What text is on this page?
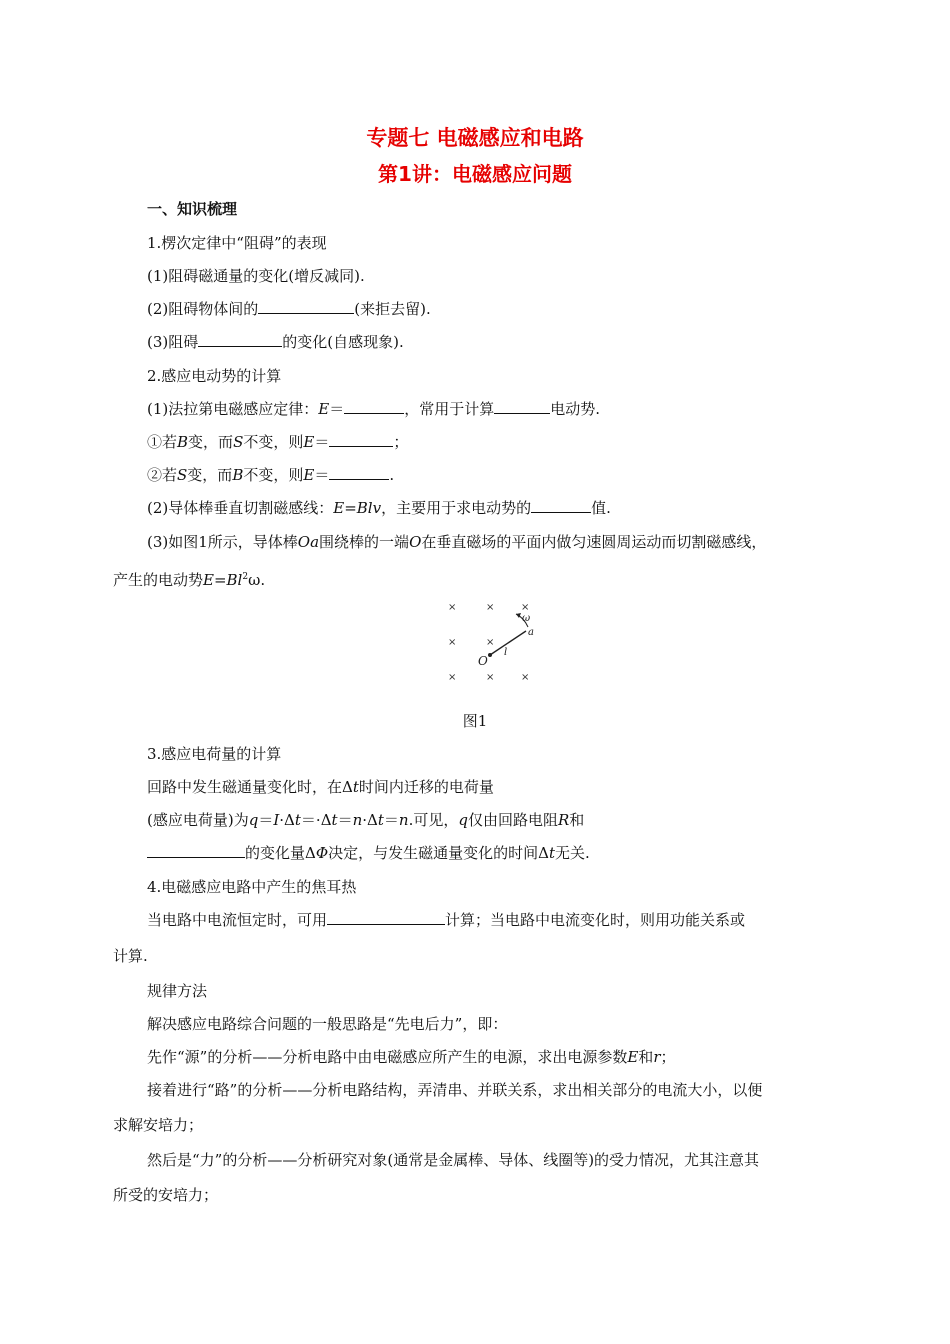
专题七 电磁感应和电路
第1讲：电磁感应问题
一、知识梳理
1.楞次定律中“阻碍”的表现
(1)阻碍磁通量的变化(增反减同).
(2)阻碍物体间的	(来拒去留).
(3)阻碍	的变化(自感现象).
2.感应电动势的计算
(1)法拉第电磁感应定律：E＝	，常用于计算	电动势.
①若B变，而S不变，则E＝	；
②若S变，而B不变，则E＝	.
(2)导体棒垂直切割磁感线：E=Blv，主要用于求电动势的	值.
(3)如图1所示，导体棒Oa围绕棒的一端O在垂直磁场的平面内做匀速圆周运动而切割磁感线，
产生的电动势$E=Bl^2\omega$.
×	×	×
×	×
×	×	×
ω
a
O
l
图1
3.感应电荷量的计算
回路中发生磁通量变化时，在Δt时间内迁移的电荷量
(感应电荷量)为q＝I·Δt＝·Δt＝n·Δt＝n.可见，q仅由回路电阻R和
的变化量ΔΦ决定，与发生磁通量变化的时间Δt无关.
4.电磁感应电路中产生的焦耳热
当电路中电流恒定时，可用	计算；当电路中电流变化时，则用功能关系或
计算.
规律方法
解决感应电路综合问题的一般思路是“先电后力”，即：
先作“源”的分析——分析电路中由电磁感应所产生的电源，求出电源参数E和r；
接着进行“路”的分析——分析电路结构，弄清串、并联关系，求出相关部分的电流大小，以便
求解安培力；
然后是“力”的分析——分析研究对象(通常是金属棒、导体、线圈等)的受力情况，尤其注意其
所受的安培力；
